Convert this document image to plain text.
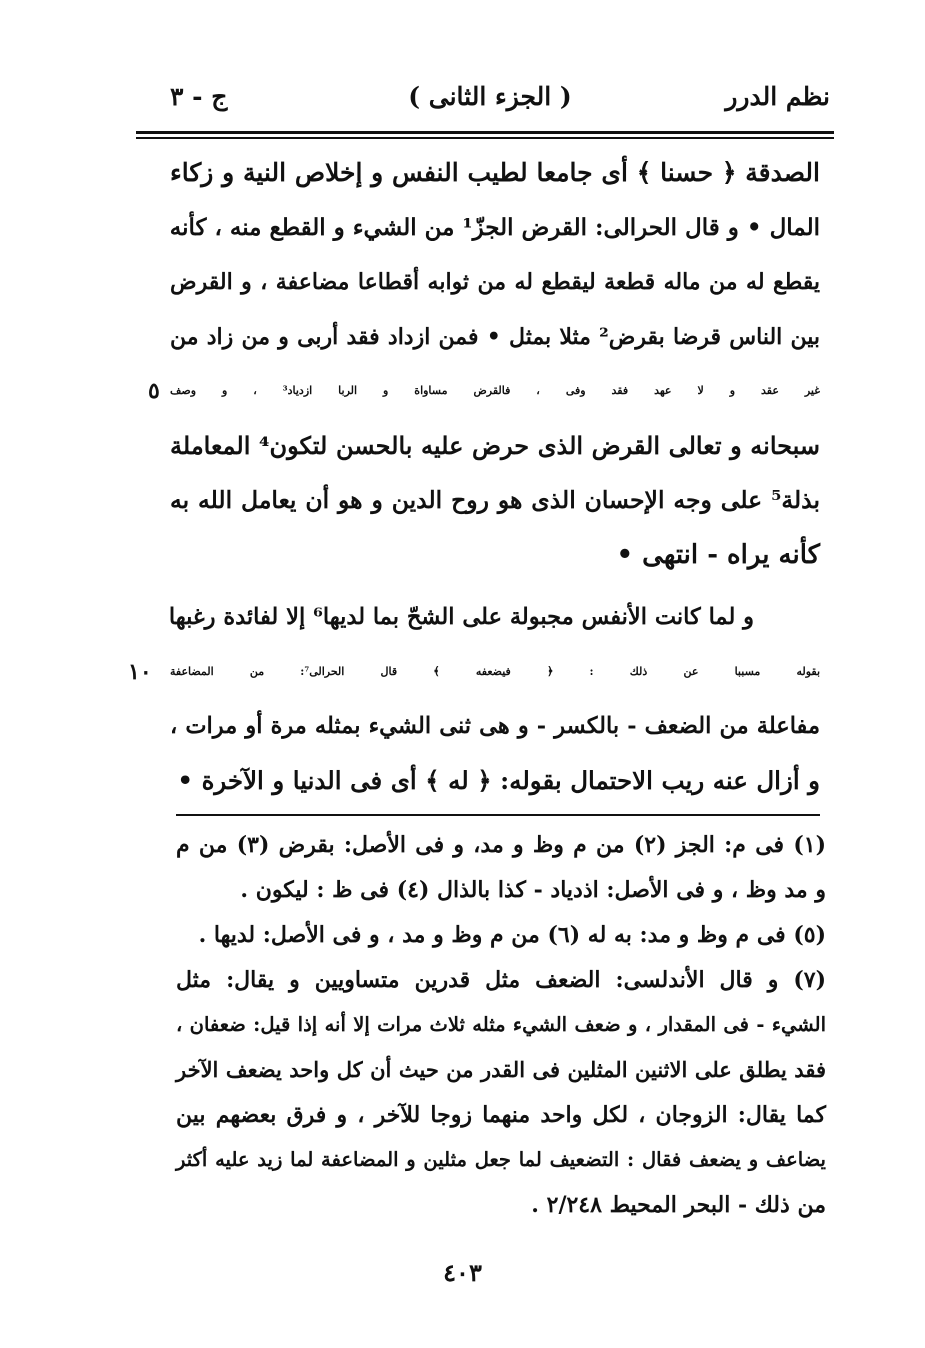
نظم الدرر
( الجزء الثانى )
ج - ٣
الصدقة ﴿ حسنا ﴾ أى جامعا لطيب النفس و إخلاص النية و زكاء
المال • و قال الحرالى: القرض الجزّ¹ من الشيء و القطع منه ، كأنه
يقطع له من ماله قطعة ليقطع له من ثوابه أقطاعا مضاعفة ، و القرض
بين الناس قرضا بقرض² مثلا بمثل • فمن ازداد فقد أربى و من زاد من
غير عقد و لا عهد فقد وفى ، فالقرض مساواة و الربا ازدياد³ ، و وصف
٥
سبحانه و تعالى القرض الذى حرض عليه بالحسن لتكون⁴ المعاملة
بذلة⁵ على وجه الإحسان الذى هو روح الدين و هو أن يعامل الله به
كأنه يراه - انتهى •
و لما كانت الأنفس مجبولة على الشحّ بما لديها⁶ إلا لفائدة رغبها
بقوله مسببا عن ذلك : ﴿ فيضعفه ﴾ قال الحرالى⁷: من المضاعفة
١٠
مفاعلة من الضعف - بالكسر - و هى ثنى الشيء بمثله مرة أو مرات ،
و أزال عنه ريب الاحتمال بقوله: ﴿ له ﴾ أى فى الدنيا و الآخرة •
(١) فى م: الجز (٢) من م وظ و مد، و فى الأصل: بقرض (٣) من م
و مد وظ ، و فى الأصل: اذدياد - كذا بالذال (٤) فى ظ : ليكون .
(٥) فى م وظ و مد: به له (٦) من م وظ و مد ، و فى الأصل: لديها .
(٧) و قال الأندلسى: الضعف مثل قدرين متساويين و يقال: مثل
الشيء - فى المقدار ، و ضعف الشيء مثله ثلاث مرات إلا أنه إذا قيل: ضعفان ،
فقد يطلق على الاثنين المثلين فى القدر من حيث أن كل واحد يضعف الآخر
كما يقال: الزوجان ، لكل واحد منهما زوجا للآخر ، و فرق بعضهم بين
يضاعف و يضعف فقال : التضعيف لما جعل مثلين و المضاعفة لما زيد عليه أكثر
من ذلك - البحر المحيط ٢/٢٤٨ .
٤٠٣
